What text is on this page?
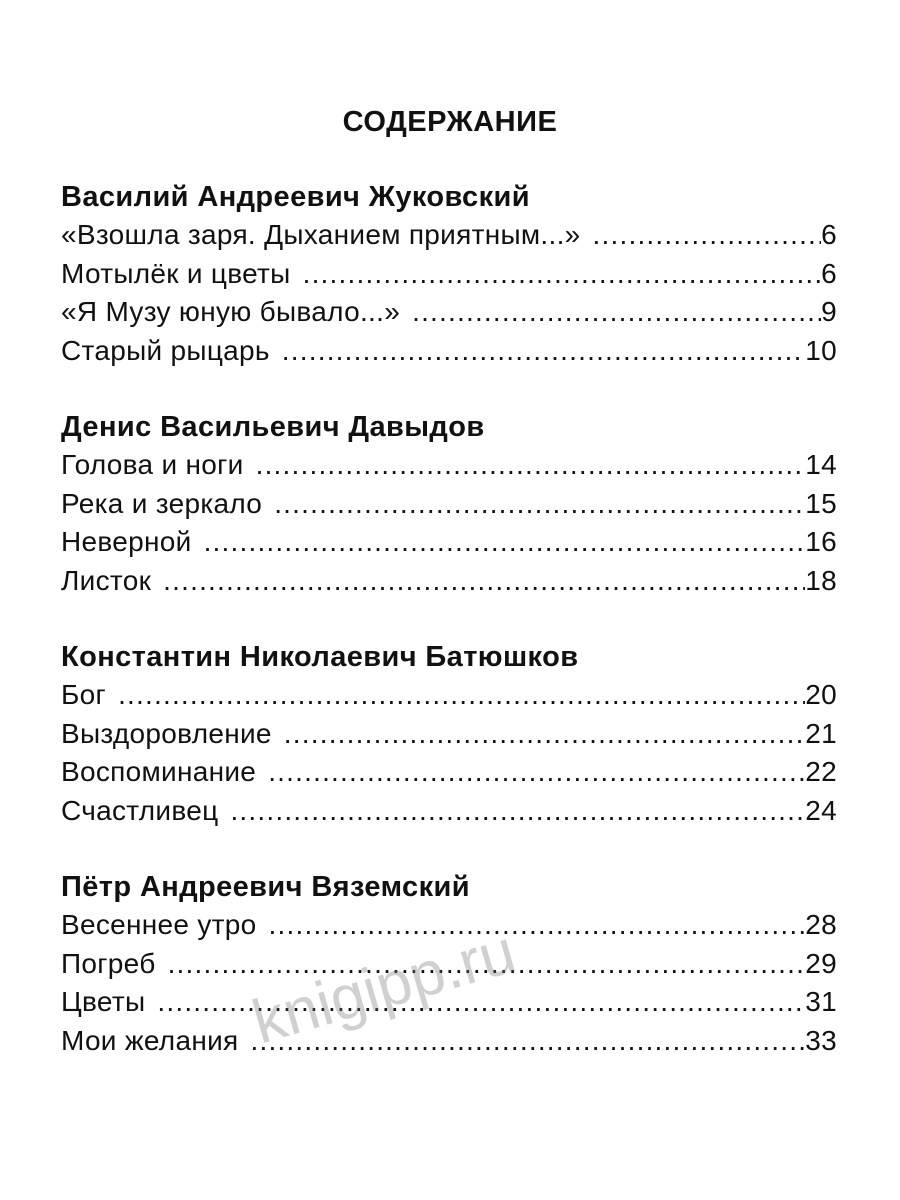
СОДЕРЖАНИЕ
Василий Андреевич Жуковский
«Взошла заря. Дыханием приятным...» .....	6
Мотылёк и цветы .....	6
«Я Музу юную бывало...» .....	9
Старый рыцарь .....	10
Денис Васильевич Давыдов
Голова и ноги .....	14
Река и зеркало .....	15
Неверной .....	16
Листок .....	18
Константин Николаевич Батюшков
Бог .....	20
Выздоровление .....	21
Воспоминание .....	22
Счастливец .....	24
Пётр Андреевич Вяземский
Весеннее утро .....	28
Погреб .....	29
Цветы .....	31
Мои желания .....	33
knigipp.ru
